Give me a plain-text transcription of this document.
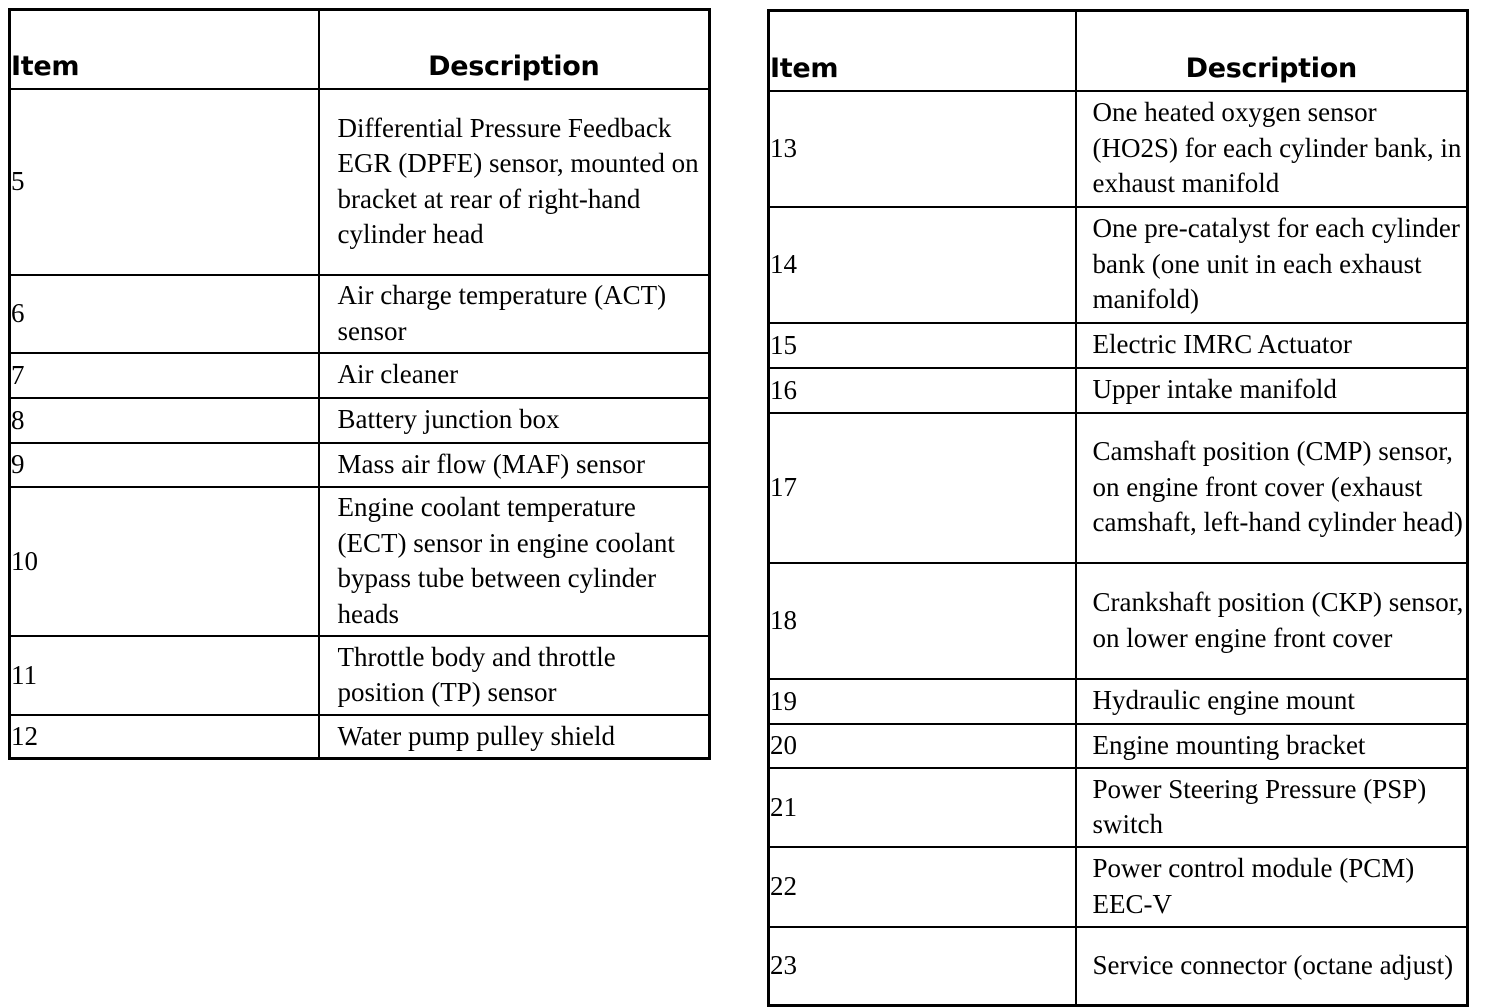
Item	Description
5	Differential Pressure Feedback EGR (DPFE) sensor, mounted on bracket at rear of right-hand cylinder head
6	Air charge temperature (ACT) sensor
7	Air cleaner
8	Battery junction box
9	Mass air flow (MAF) sensor
10	Engine coolant temperature (ECT) sensor in engine coolant bypass tube between cylinder heads
11	Throttle body and throttle position (TP) sensor
12	Water pump pulley shield
Item	Description
13	One heated oxygen sensor (HO2S) for each cylinder bank, in exhaust manifold
14	One pre-catalyst for each cylinder bank (one unit in each exhaust manifold)
15	Electric IMRC Actuator
16	Upper intake manifold
17	Camshaft position (CMP) sensor, on engine front cover (exhaust camshaft, left-hand cylinder head)
18	Crankshaft position (CKP) sensor, on lower engine front cover
19	Hydraulic engine mount
20	Engine mounting bracket
21	Power Steering Pressure (PSP) switch
22	Power control module (PCM) EEC-V
23	Service connector (octane adjust)
